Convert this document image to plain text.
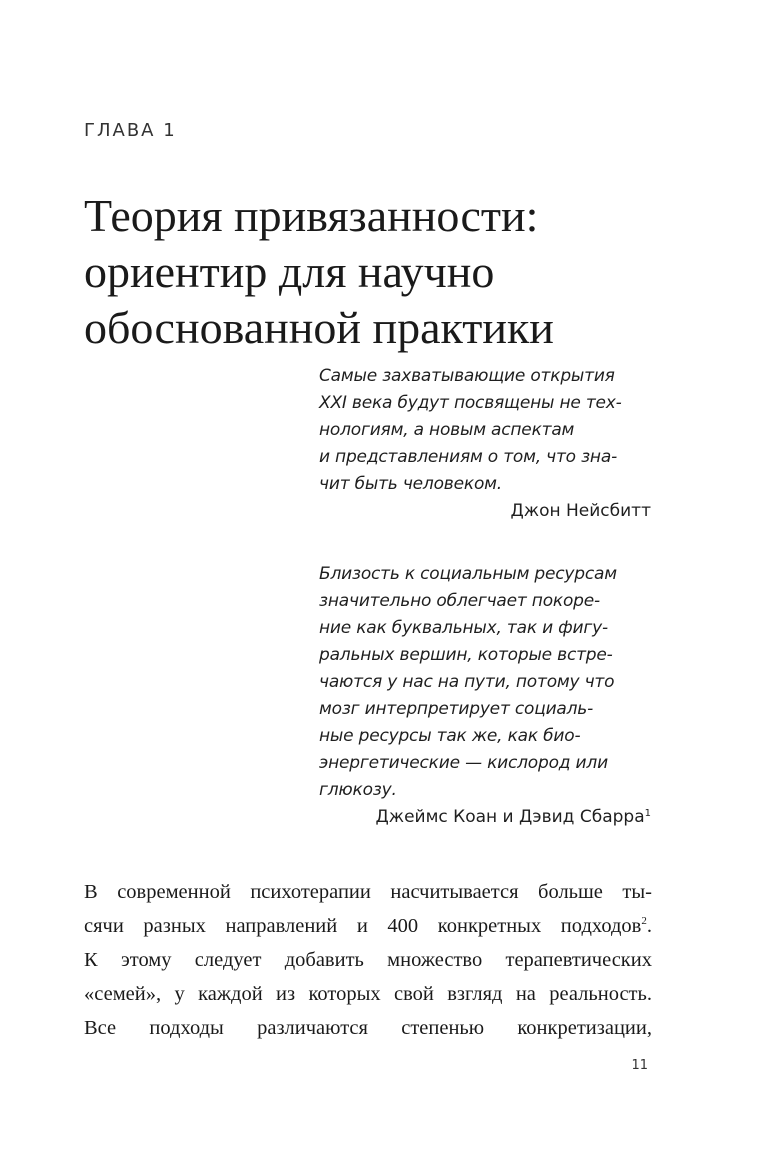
ГЛАВА 1
Теория привязанности:
ориентир для научно
обоснованной практики
Самые захватывающие открытия
XXI века будут посвящены не тех-
нологиям, а новым аспектам
и представлениям о том, что зна-
чит быть человеком.
Джон Нейсбитт
Близость к социальным ресурсам
значительно облегчает покоре-
ние как буквальных, так и фигу-
ральных вершин, которые встре-
чаются у нас на пути, потому что
мозг интерпретирует социаль-
ные ресурсы так же, как био-
энергетические — кислород или
глюкозу.
Джеймс Коан и Дэвид Сбарра$^1$
В современной психотерапии насчитывается больше ты-
сячи разных направлений и 400 конкретных подходов$^2$.
К этому следует добавить множество терапевтических
«семей», у каждой из которых свой взгляд на реальность.
Все подходы различаются степенью конкретизации,
11
